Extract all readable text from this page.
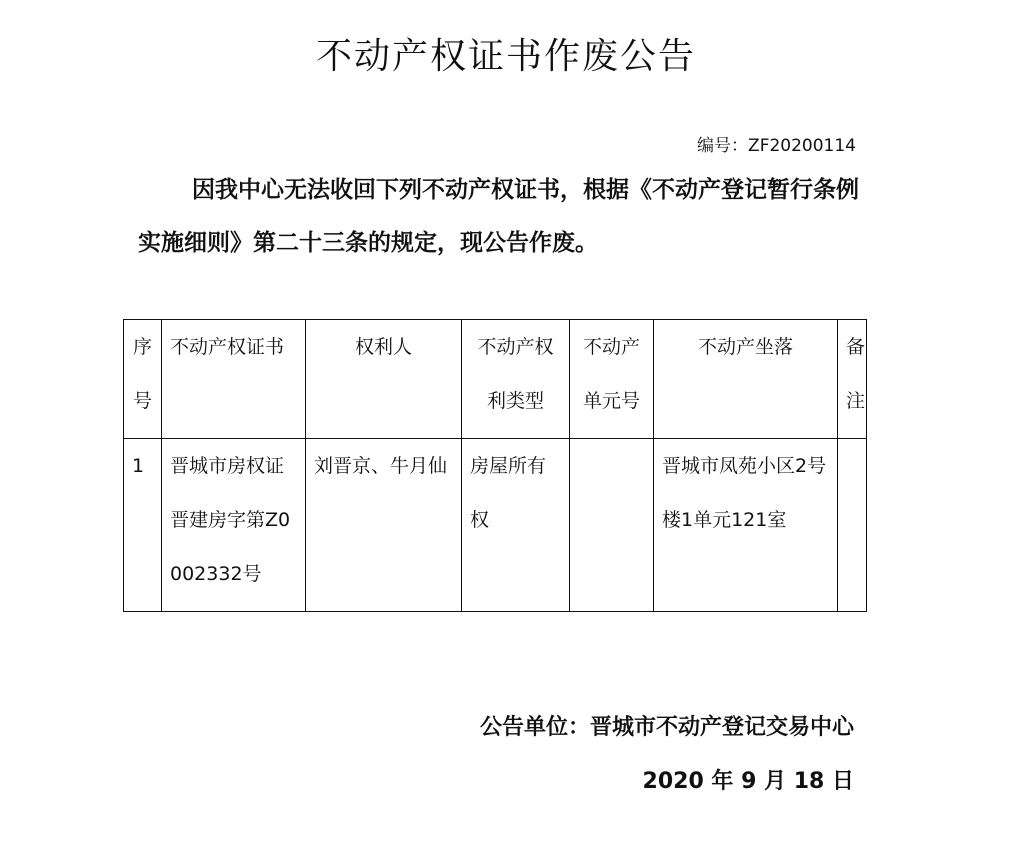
不动产权证书作废公告
编号：ZF20200114

因我中心无法收回下列不动产权证书，根据《不动产登记暂行条例实施细则》第二十三条的规定，现公告作废。

序号	不动产权证书	权利人	不动产权利类型	不动产单元号	不动产坐落	备注
1	晋城市房权证晋建房字第Z0002332号	刘晋京、牛月仙	房屋所有权		晋城市凤苑小区2号楼1单元121室	
公告单位：晋城市不动产登记交易中心
2020 年 9 月 18 日
